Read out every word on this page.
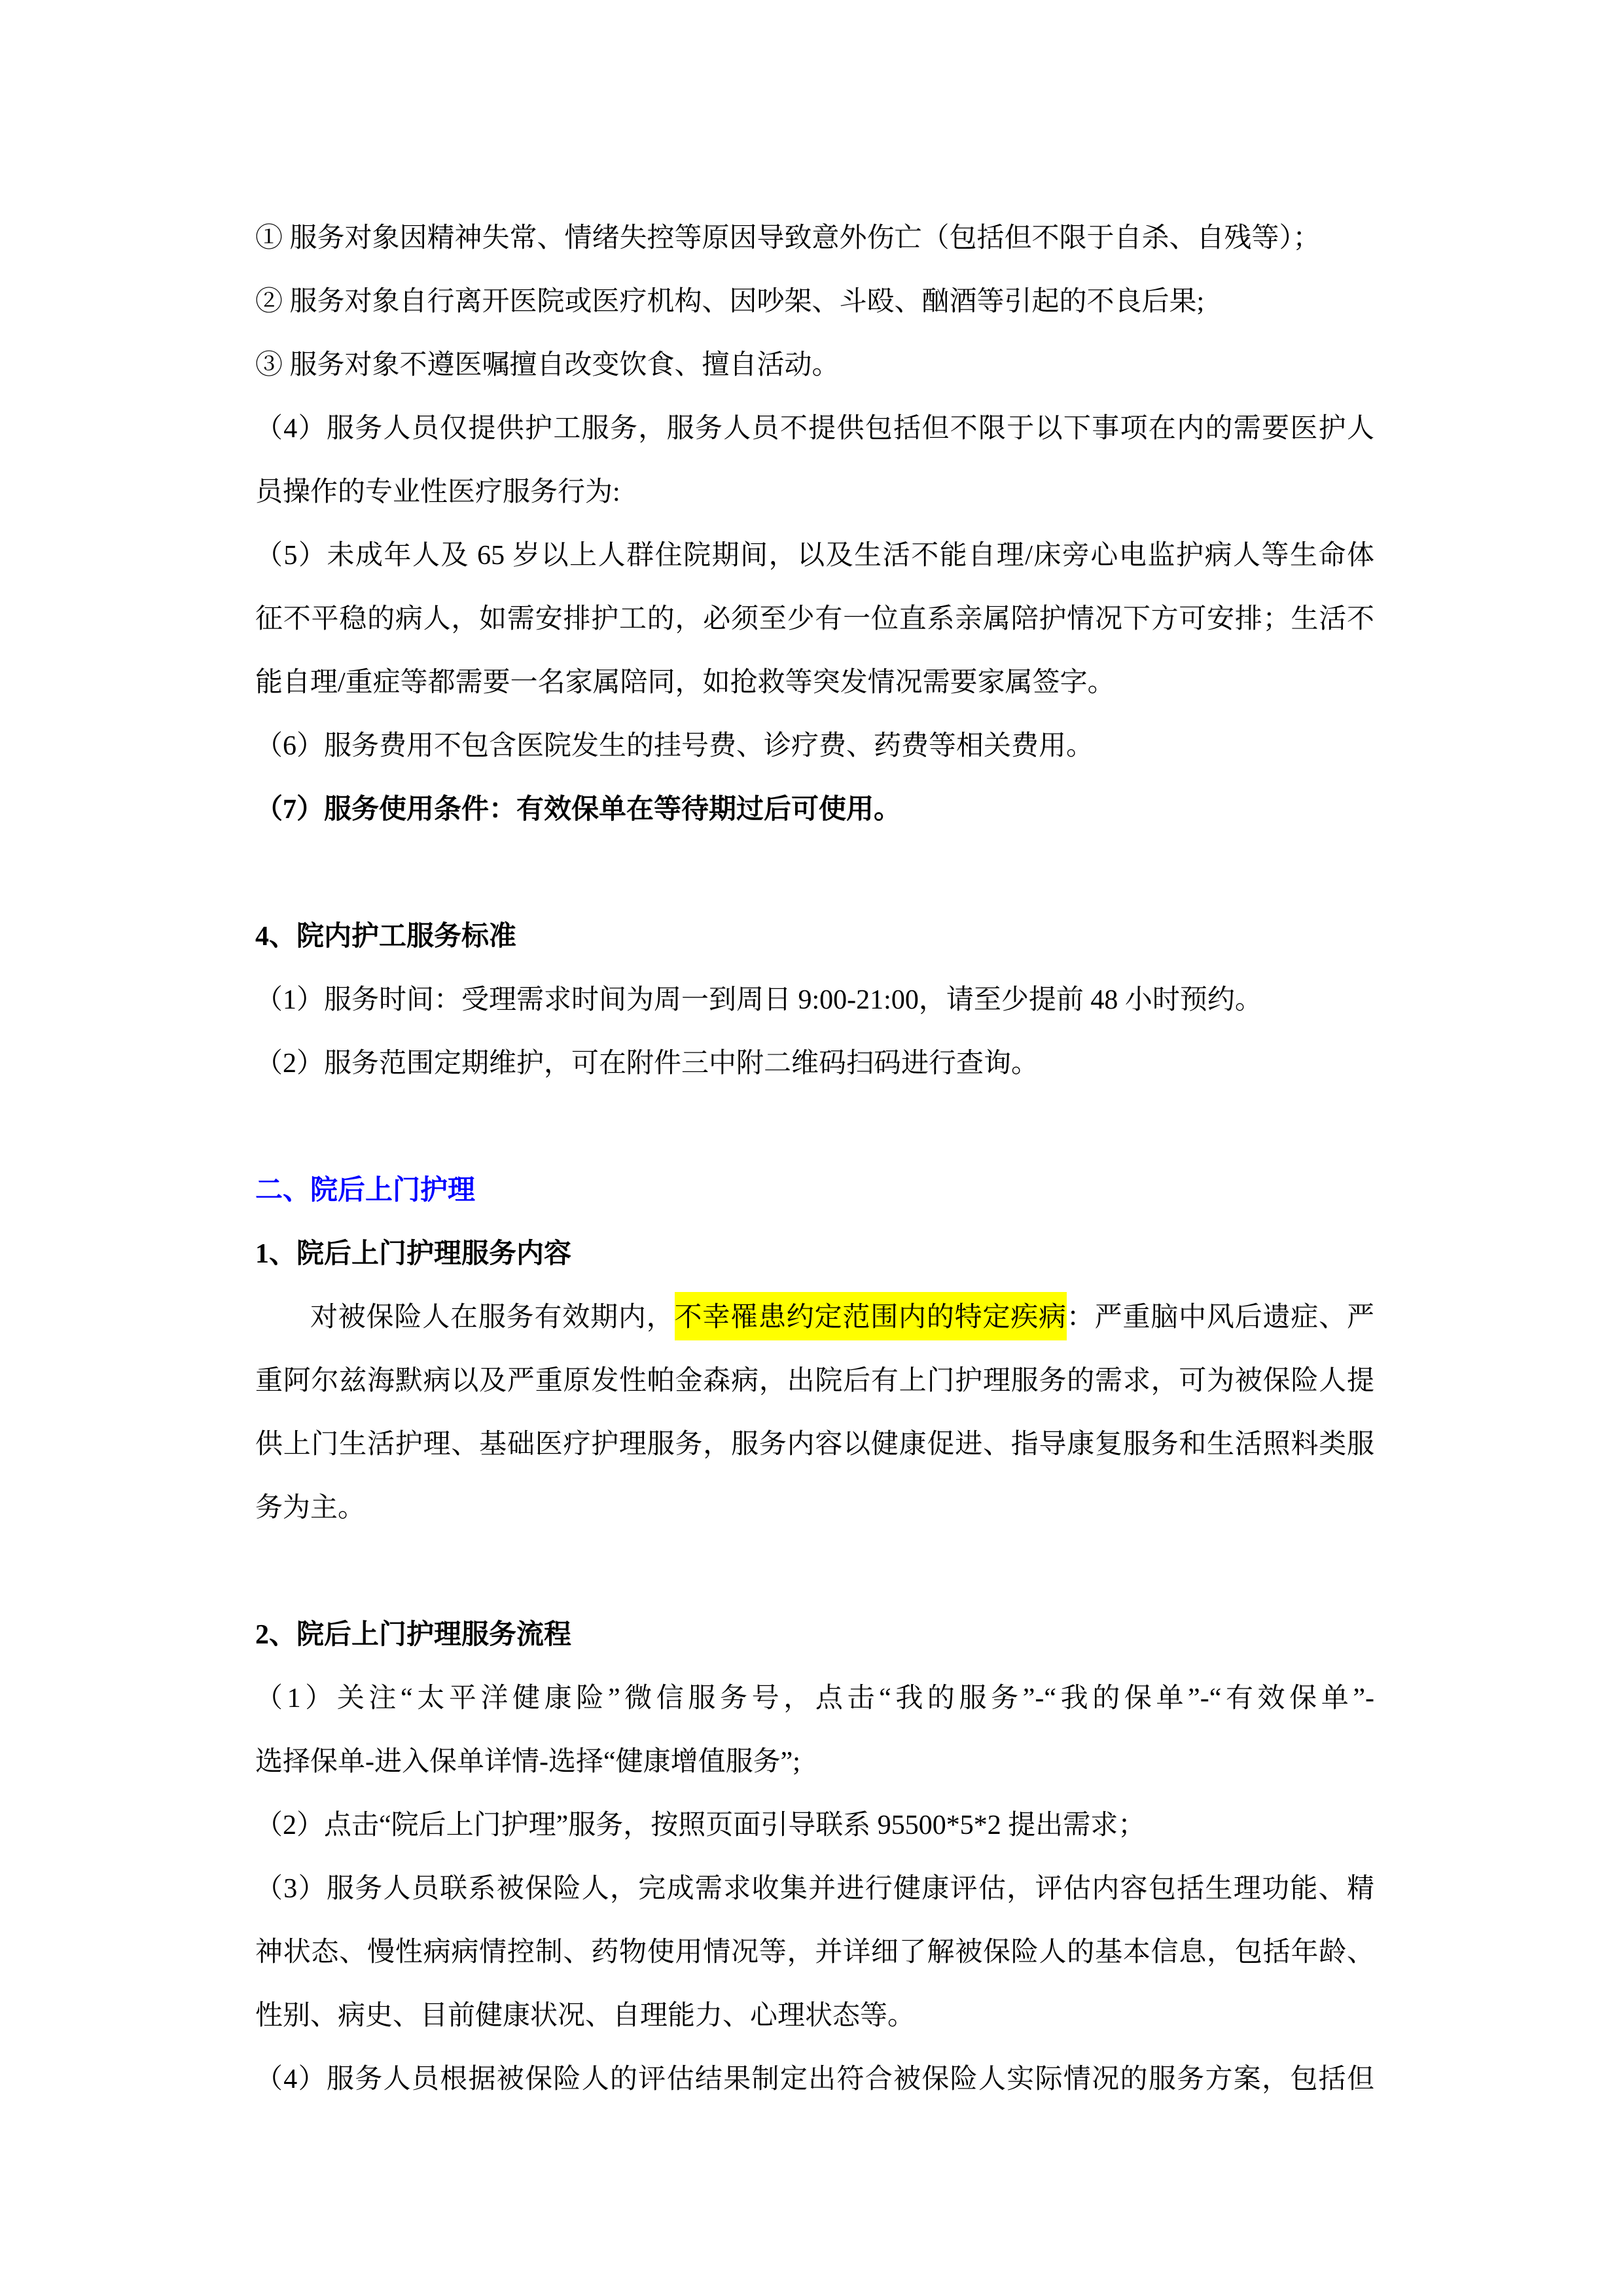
① 服务对象因精神失常、情绪失控等原因导致意外伤亡（包括但不限于自杀、自残等）；
② 服务对象自行离开医院或医疗机构、因吵架、斗殴、酗酒等引起的不良后果;
③ 服务对象不遵医嘱擅自改变饮食、擅自活动。
（4）服务人员仅提供护工服务，服务人员不提供包括但不限于以下事项在内的需要医护人
员操作的专业性医疗服务行为:
（5）未成年人及 65 岁以上人群住院期间，以及生活不能自理/床旁心电监护病人等生命体
征不平稳的病人，如需安排护工的，必须至少有一位直系亲属陪护情况下方可安排；生活不
能自理/重症等都需要一名家属陪同，如抢救等突发情况需要家属签字。
（6）服务费用不包含医院发生的挂号费、诊疗费、药费等相关费用。
（7）服务使用条件：有效保单在等待期过后可使用。
4、院内护工服务标准
（1）服务时间：受理需求时间为周一到周日 9:00-21:00，请至少提前 48 小时预约。
（2）服务范围定期维护，可在附件三中附二维码扫码进行查询。
二、院后上门护理
1、院后上门护理服务内容
对被保险人在服务有效期内，不幸罹患约定范围内的特定疾病：严重脑中风后遗症、严
重阿尔兹海默病以及严重原发性帕金森病，出院后有上门护理服务的需求，可为被保险人提
供上门生活护理、基础医疗护理服务，服务内容以健康促进、指导康复服务和生活照料类服
务为主。
2、院后上门护理服务流程
（1）关注“太平洋健康险”微信服务号，点击“我的服务”-“我的保单”-“有效保单”-
选择保单-进入保单详情-选择“健康增值服务”;
（2）点击“院后上门护理”服务，按照页面引导联系 95500*5*2 提出需求；
（3）服务人员联系被保险人，完成需求收集并进行健康评估，评估内容包括生理功能、精
神状态、慢性病病情控制、药物使用情况等，并详细了解被保险人的基本信息，包括年龄、
性别、病史、目前健康状况、自理能力、心理状态等。
（4）服务人员根据被保险人的评估结果制定出符合被保险人实际情况的服务方案，包括但
